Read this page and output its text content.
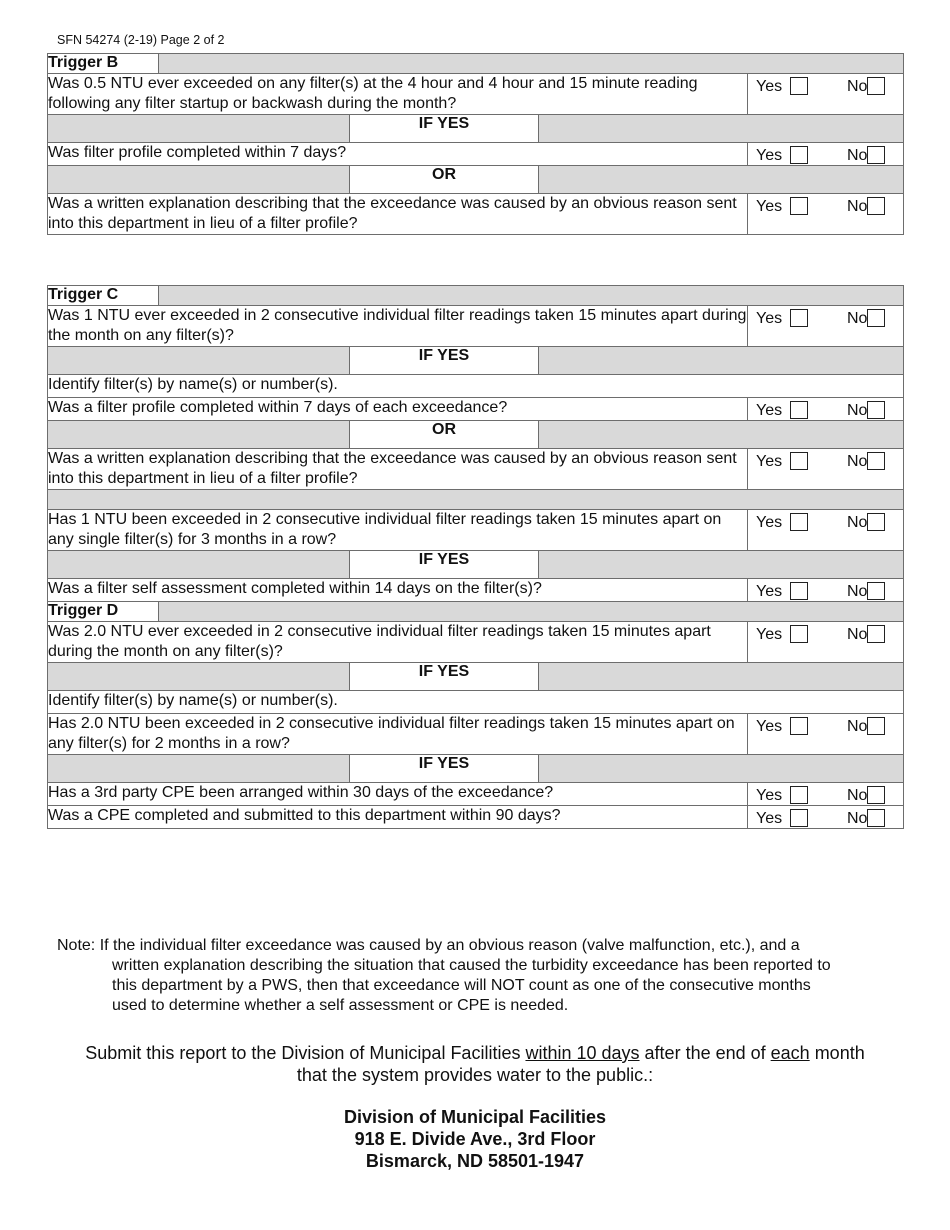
SFN 54274 (2-19) Page 2 of 2
Trigger B				
Was 0.5 NTU ever exceeded on any filter(s) at the 4 hour and 4 hour and 15 minute reading following any filter startup or backwash during the month?				Yes No

		IF YES		
Was filter profile completed within 7 days?				Yes No

		OR		
Was a written explanation describing that the exceedance was caused by an obvious reason sent into this department in lieu of a filter profile?				Yes No
Trigger C				
Was 1 NTU ever exceeded in 2 consecutive individual filter readings taken 15 minutes apart during the month on any filter(s)?				Yes No

		IF YES		
Identify filter(s) by name(s) or number(s).				
Was a filter profile completed within 7 days of each exceedance?				Yes No

		OR		
Was a written explanation describing that the exceedance was caused by an obvious reason sent into this department in lieu of a filter profile?				Yes No

Has 1 NTU been exceeded in 2 consecutive individual filter readings taken 15 minutes apart on any single filter(s) for 3 months in a row?				Yes No

		IF YES		
Was a filter self assessment completed within 14 days on the filter(s)?				Yes No

Trigger D				
Was 2.0 NTU ever exceeded in 2 consecutive individual filter readings taken 15 minutes apart during the month on any filter(s)?				Yes No

		IF YES		
Identify filter(s) by name(s) or number(s).				
Has 2.0 NTU been exceeded in 2 consecutive individual filter readings taken 15 minutes apart on any filter(s) for 2 months in a row?				Yes No

		IF YES		
Has a 3rd party CPE been arranged within 30 days of the exceedance?				Yes No

Was a CPE completed and submitted to this department within 90 days?				Yes No
Note: If the individual filter exceedance was caused by an obvious reason (valve malfunction, etc.), and a
written explanation describing the situation that caused the turbidity exceedance has been reported to
this department by a PWS, then that exceedance will NOT count as one of the consecutive months
used to determine whether a self assessment or CPE is needed.
Submit this report to the Division of Municipal Facilities within 10 days after the end of each month
that the system provides water to the public.:
Division of Municipal Facilities
918 E. Divide Ave., 3rd Floor
Bismarck, ND 58501-1947
